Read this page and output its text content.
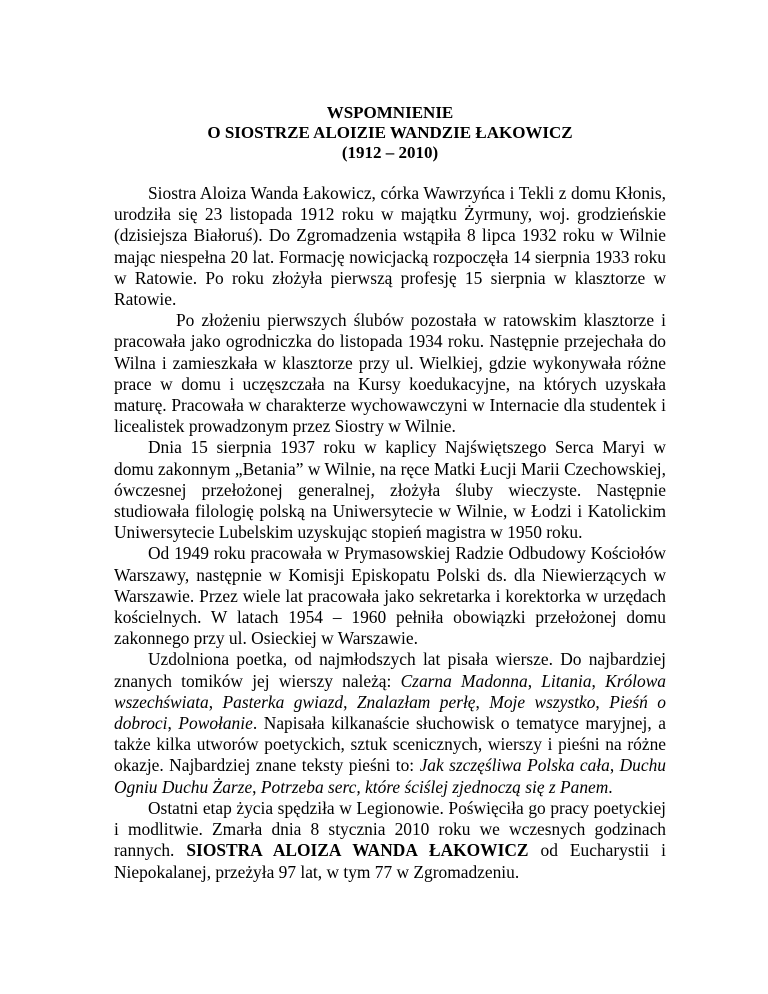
WSPOMNIENIE
O SIOSTRZE ALOIZIE WANDZIE ŁAKOWICZ
(1912 – 2010)

Siostra Aloiza Wanda Łakowicz, córka Wawrzyńca i Tekli z domu Kłonis, urodziła się 23 listopada 1912 roku w majątku Żyrmuny, woj. grodzieńskie (dzisiejsza Białoruś). Do Zgromadzenia wstąpiła 8 lipca 1932 roku w Wilnie mając niespełna 20 lat. Formację nowicjacką rozpoczęła 14 sierpnia 1933 roku w Ratowie. Po roku złożyła pierwszą profesję 15 sierpnia w klasztorze w Ratowie.

Po złożeniu pierwszych ślubów pozostała w ratowskim klasztorze i pracowała jako ogrodniczka do listopada 1934 roku. Następnie przejechała do Wilna i zamieszkała w klasztorze przy ul. Wielkiej, gdzie wykonywała różne prace w domu i uczęszczała na Kursy koedukacyjne, na których uzyskała maturę. Pracowała w charakterze wychowawczyni w Internacie dla studentek i licealistek prowadzonym przez Siostry w Wilnie.

Dnia 15 sierpnia 1937 roku w kaplicy Najświętszego Serca Maryi w domu zakonnym „Betania” w Wilnie, na ręce Matki Łucji Marii Czechowskiej, ówczesnej przełożonej generalnej, złożyła śluby wieczyste. Następnie studiowała filologię polską na Uniwersytecie w Wilnie, w Łodzi i Katolickim Uniwersytecie Lubelskim uzyskując stopień magistra w 1950 roku.

Od 1949 roku pracowała w Prymasowskiej Radzie Odbudowy Kościołów Warszawy, następnie w Komisji Episkopatu Polski ds. dla Niewierzących w Warszawie. Przez wiele lat pracowała jako sekretarka i korektorka w urzędach kościelnych. W latach 1954 – 1960 pełniła obowiązki przełożonej domu zakonnego przy ul. Osieckiej w Warszawie.

Uzdolniona poetka, od najmłodszych lat pisała wiersze. Do najbardziej znanych tomików jej wierszy należą: Czarna Madonna, Litania, Królowa wszechświata, Pasterka gwiazd, Znalazłam perłę, Moje wszystko, Pieśń o dobroci, Powołanie. Napisała kilkanaście słuchowisk o tematyce maryjnej, a także kilka utworów poetyckich, sztuk scenicznych, wierszy i pieśni na różne okazje. Najbardziej znane teksty pieśni to: Jak szczęśliwa Polska cała, Duchu Ogniu Duchu Żarze, Potrzeba serc, które ściślej zjednoczą się z Panem.

Ostatni etap życia spędziła w Legionowie. Poświęciła go pracy poetyckiej i modlitwie. Zmarła dnia 8 stycznia 2010 roku we wczesnych godzinach rannych. SIOSTRA ALOIZA WANDA ŁAKOWICZ od Eucharystii i Niepokalanej, przeżyła 97 lat, w tym 77 w Zgromadzeniu.
